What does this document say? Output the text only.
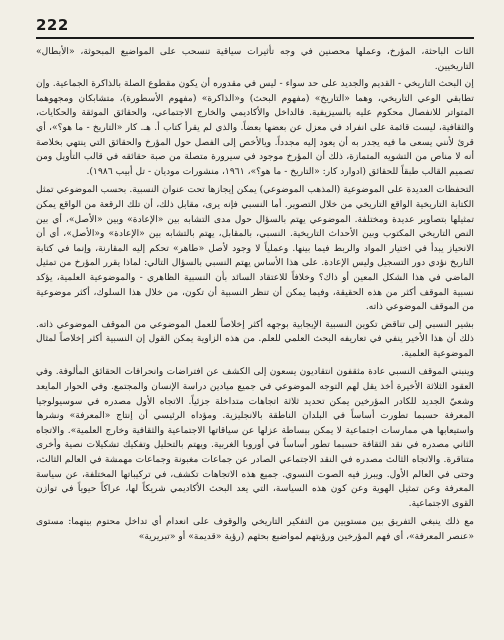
222

الثات الباحثة، المؤرخ، وعملها محصنين في وجه تأثيرات سياقية تنسحب على المواضيع المبحوثة، «الأبطال» التاريخيين.

إن البحث التاريخي - القديم والجديد على حد سواء - ليس في مقدوره أن يكون مقطوع الصلة بالذاكرة الجماعية. وإن تطابقي الوعي التاريخي، وهما «التاريخ» (مفهوم البحث) و«الذاكرة» (مفهوم الأسطورة)، متشابكان ومجهوهما المتواتر للانفصال محكوم عليه بالسيزيفية. فالداخل والأكاديمي والخارج الاجتماعي، والحقائق الموثقة والحكايات، والثقافية، ليست قائمة على انفراد في معزل عن بعضها بعضاً. والذي لم يقرأ كتاب أ. هـ. كار «التاريخ - ما هو؟»، أي قرئ لأنني يسعى ما فيه يجدر به أن يعود إليه مجدداً. ويالأخص إلى الفصل حول المؤرخ والحقائق التي ينتهي بخلاصة أنه لا مناص من التشويه المتمازة، ذلك أن المؤرخ موجود في سيرورة متصلة من صبة حقائقه في قالب التأويل ومن تصميم القالب طبقاً للحقائق (ادوارد كار: «التاريخ - ما هو؟»، ١٩٦١، منشورات موديان - تل أبيب ١٩٨٦).

التحفظات العديدة على الموضوعية (المذهب الموضوعي) يمكن إيجازها تحت عنوان النسبية. بحسب الموضوعي تمثل الكتابة التاريخية الواقع التاريخي من خلال التصوير. أما النسبي فإنه يرى، مقابل ذلك، أن تلك الرقعة من الواقع يمكن تمثيلها بتصاوير عديدة ومختلفة. الموضوعي يهتم بالسؤال حول مدى التشابه بين «الإعادة» وبين «الأصل»، أي بين النص التاريخي المكتوب وبين الأحداث التاريخية. النسبي، بالمقابل، يهتم بالتشابه بين «الإعادة» و«الأصل»، أي أن الانحياز يبدأ في اختيار المواد والربط فيما بينها. وعملياً لا وجود لأصل «طاهر» تحكم إليه المقارنة، وإنما في كتابة التاريخ نؤدي دور التسجيل وليس الإعادة. على هذا الأساس يهتم النسبي بالسؤال التالي: لماذا يقرر المؤرخ من تمثيل الماضي في هذا الشكل المعين أو ذاك؟ وخلافاً للاعتقاد السائد بأن النسبية الظاهري - والموضوعية العلمية، يؤكد نسبية الموقف أكثر من هذه الحقيقة، وفيما يمكن أن تنظر النسبية أن تكون، من خلال هذا السلوك، أكثر موضوعية من الموقف الموضوعي ذاته.

بشير النسبي إلى تناقض تكوين النسبية الإيجابية بوجهه أكثر إخلاصاً للعمل الموضوعي من الموقف الموضوعي ذاته. ذلك أن هذا الأخير ينفي في تعاريفه البحث العلمي للعلم. من هذه الزاوية يمكن القول إن النسبية أكثر إخلاصاً لمثال الموضوعية العلمية.

وينبني الموقف النسبي عادة مثقفون انتقاديون يسعون إلى الكشف عن افتراضات وانحرافات الحقائق المألوفة. وفي العقود الثلاثة الأخيرة أخذ يقل لهم التوجه الموضوعي في جميع ميادين دراسة الإنسان والمجتمع. وفي الحوار المايعد وشعيّ الجديد للكادر المؤرخين يمكن تحديد ثلاثة اتجاهات متداخلة جزئياً. الاتجاه الأول مصدره في سوسيولوجيا المعرفة حسبما تطورت أساساً في البلدان الناطقة بالانجليزية. ومؤداه الرئيسي أن إنتاج «المعرفة» ونشرها واستيعابها هي ممارسات اجتماعية لا يمكن ببساطة عزلها عن سياقاتها الاجتماعية والثقافية وخارج العلمية». والاتجاه الثاني مصدره في نقد الثقافة حسبما تطور أساساً في أوروبا الغربية. ويهتم بالتحليل وتفكيك تشكيلات نصية وأخرى متناقرة. والاتجاه الثالث مصدره في النقد الاجتماعي الصادر عن جماعات مغبونة وجماعات مهمشة في العالم الثالث، وحتى في العالم الأول. ويبرز فيه الصوت النسوي. جميع هذه الاتجاهات تكشف، في تركيباتها المختلفة، عن سياسة المعرفة وعن تمثيل الهوية وعن كون هذه السياسة، التي يعد البحث الأكاديمي شريكاً لها، عراكاً حيوياً في توازن القوى الاجتماعية.

مع ذلك ينبغي التفريق بين مستويين من التفكير التاريخي والوقوف على انعدام أي تداخل محتوم بينهما: مستوى «عنصر المعرفة»، أي فهم المؤرخين ورؤيتهم لمواضيع بحثهم (رؤية «قديمة» أو «تبريرية»
